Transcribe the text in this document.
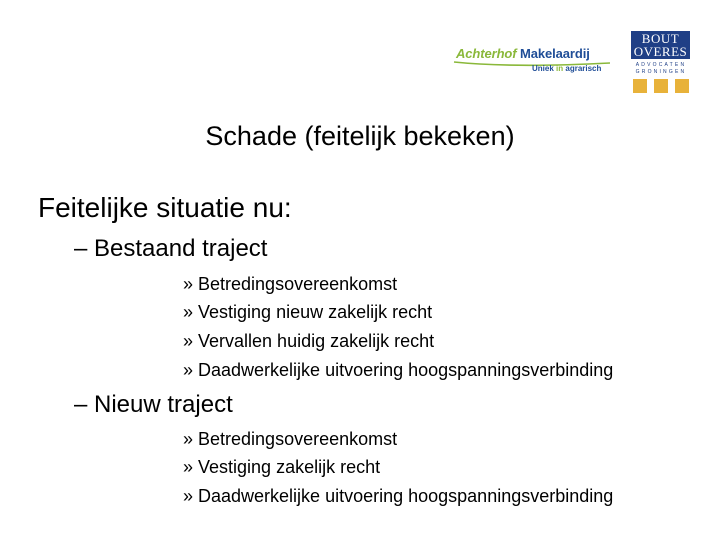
Achterhof Makelaardij
Uniek in agrarisch
BOUT
OVERES
ADVOCATEN
GRONINGEN
Schade (feitelijk bekeken)
Feitelijke situatie nu:
– Bestaand traject
» Betredingsovereenkomst
» Vestiging nieuw zakelijk recht
» Vervallen huidig zakelijk recht
» Daadwerkelijke uitvoering hoogspanningsverbinding
– Nieuw traject
» Betredingsovereenkomst
» Vestiging zakelijk recht
» Daadwerkelijke uitvoering hoogspanningsverbinding
